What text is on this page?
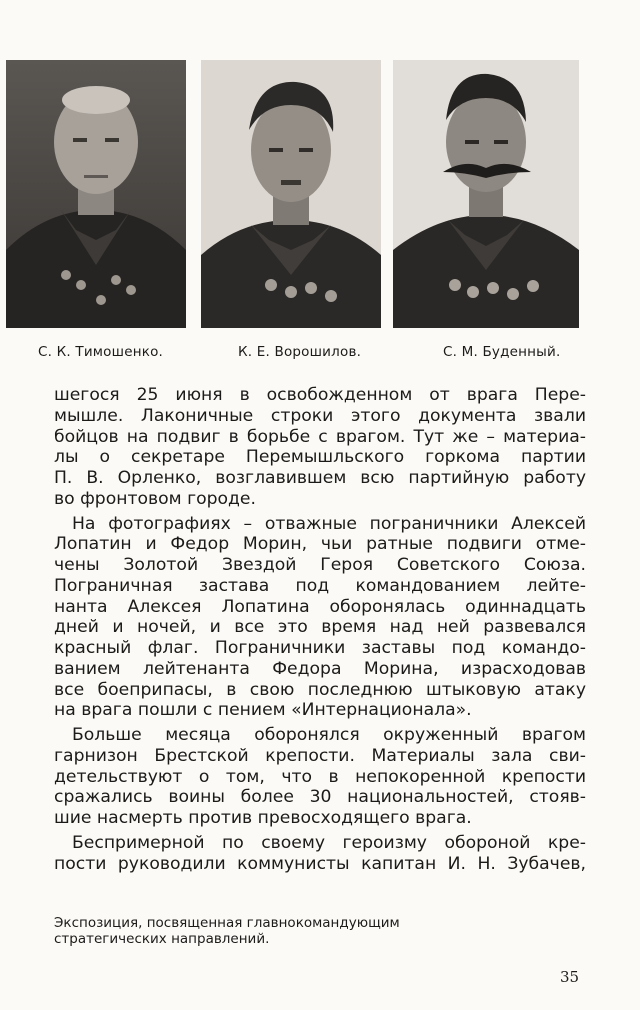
С. К. Тимошенко.	К. Е. Ворошилов.	С. М. Буденный.
шегося 25 июня в освобожденном от врага Пере-
мышле. Лаконичные строки этого документа звали
бойцов на подвиг в борьбе с врагом. Тут же – материа-
лы о секретаре Перемышльского горкома партии
П. В. Орленко, возглавившем всю партийную работу
во фронтовом городе.
На фотографиях – отважные пограничники Алексей
Лопатин и Федор Морин, чьи ратные подвиги отме-
чены Золотой Звездой Героя Советского Союза.
Пограничная застава под командованием лейте-
нанта Алексея Лопатина оборонялась одиннадцать
дней и ночей, и все это время над ней развевался
красный флаг. Пограничники заставы под командо-
ванием лейтенанта Федора Морина, израсходовав
все боеприпасы, в свою последнюю штыковую атаку
на врага пошли с пением «Интернационала».
Больше месяца оборонялся окруженный врагом
гарнизон Брестской крепости. Материалы зала сви-
детельствуют о том, что в непокоренной крепости
сражались воины более 30 национальностей, стояв-
шие насмерть против превосходящего врага.
Беспримерной по своему героизму обороной кре-
пости руководили коммунисты капитан И. Н. Зубачев,
Экспозиция, посвященная главнокомандующим
стратегических направлений.
35
